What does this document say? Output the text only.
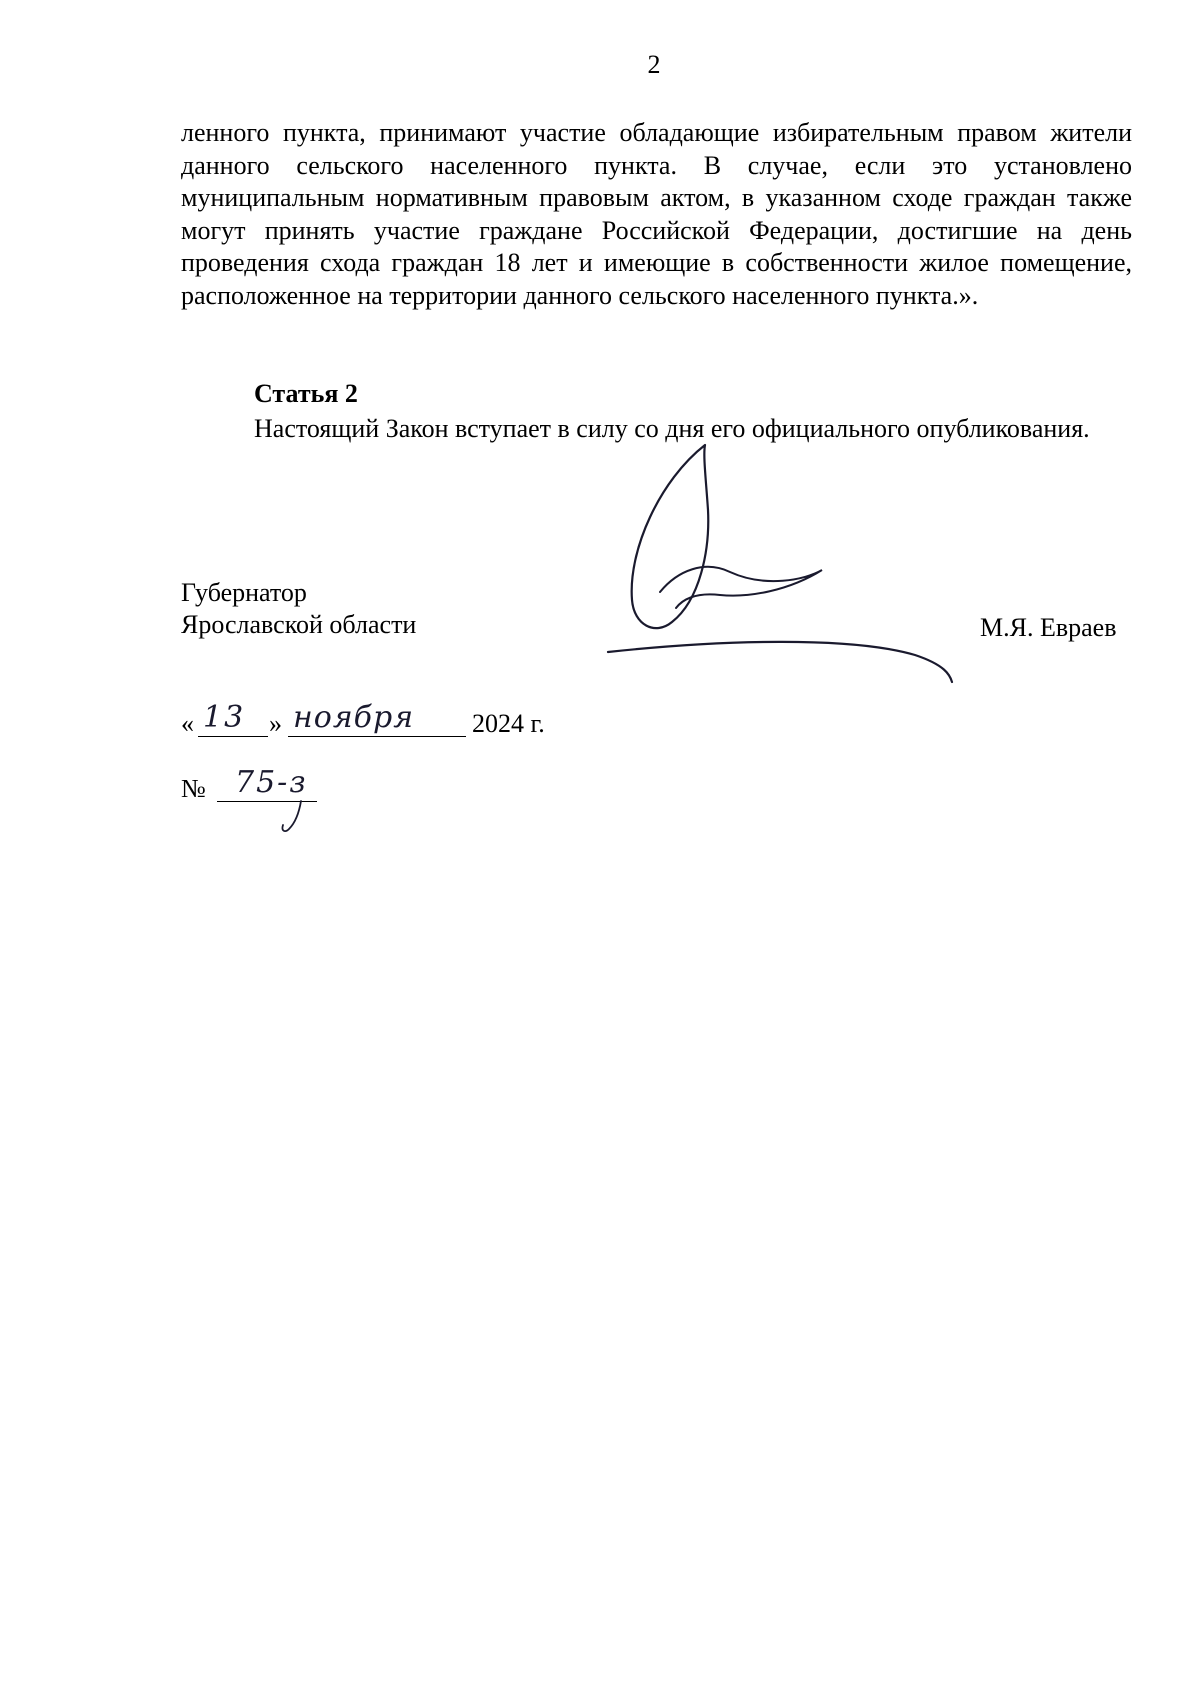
2

ленного пункта, принимают участие обладающие избирательным правом жители данного сельского населенного пункта. В случае, если это установлено муниципальным нормативным правовым актом, в указанном сходе граждан также могут принять участие граждане Российской Федерации, достигшие на день проведения схода граждан 18 лет и имеющие в собственности жилое помещение, расположенное на территории данного сельского населенного пункта.».

Статья 2

Настоящий Закон вступает в силу со дня его официального опубликования.

Губернатор
Ярославской области	М.Я. Евраев
« 13 » ноября 2024 г.
№ 75-з
